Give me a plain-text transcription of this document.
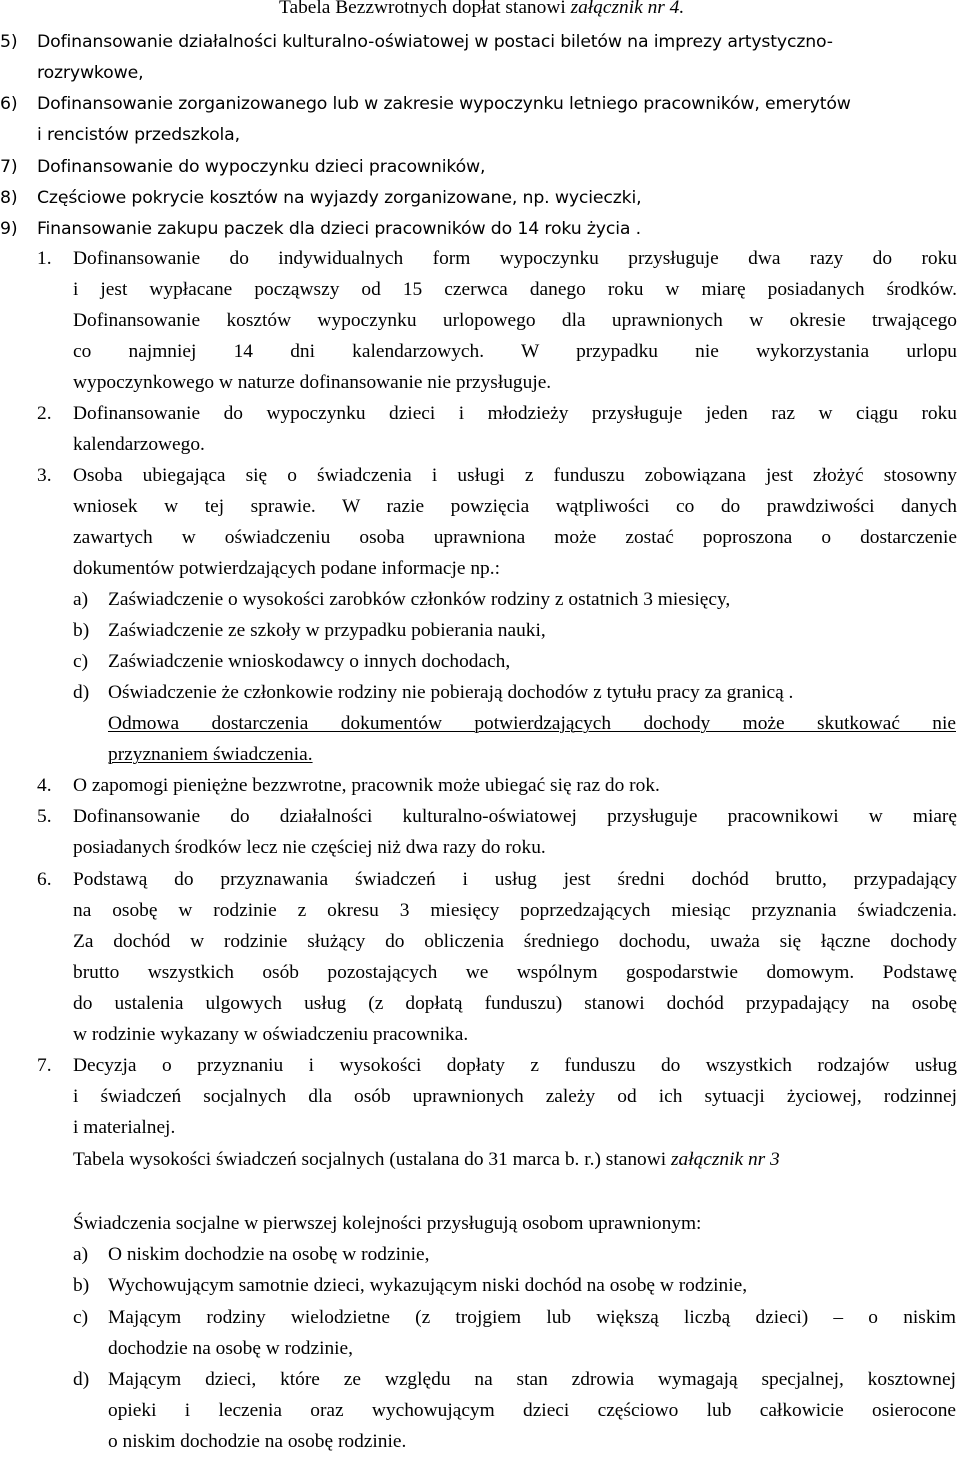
Tabela Bezzwrotnych dopłat stanowi załącznik nr 4.
5) Dofinansowanie działalności kulturalno-oświatowej w postaci biletów na imprezy artystyczno-
rozrywkowe,
6) Dofinansowanie zorganizowanego lub w zakresie wypoczynku letniego pracowników, emerytów
i rencistów przedszkola,
7) Dofinansowanie do wypoczynku dzieci pracowników,
8) Częściowe pokrycie kosztów na wyjazdy zorganizowane, np. wycieczki,
9) Finansowanie zakupu paczek dla dzieci pracowników do 14 roku życia .
1. Dofinansowanie do indywidualnych form wypoczynku przysługuje dwa razy do roku
i jest wypłacane począwszy od 15 czerwca danego roku w miarę posiadanych środków.
Dofinansowanie kosztów wypoczynku urlopowego dla uprawnionych w okresie trwającego
co najmniej 14 dni kalendarzowych. W przypadku nie wykorzystania urlopu
wypoczynkowego w naturze dofinansowanie nie przysługuje.
2. Dofinansowanie do wypoczynku dzieci i młodzieży przysługuje jeden raz w ciągu roku
kalendarzowego.
3. Osoba ubiegająca się o świadczenia i usługi z funduszu zobowiązana jest złożyć stosowny
wniosek w tej sprawie. W razie powzięcia wątpliwości co do prawdziwości danych
zawartych w oświadczeniu osoba uprawniona może zostać poproszona o dostarczenie
dokumentów potwierdzających podane informacje np.:
a) Zaświadczenie o wysokości zarobków członków rodziny z ostatnich 3 miesięcy,
b) Zaświadczenie ze szkoły w przypadku pobierania nauki,
c) Zaświadczenie wnioskodawcy o innych dochodach,
d) Oświadczenie że członkowie rodziny nie pobierają dochodów z tytułu pracy za granicą .
Odmowa dostarczenia dokumentów potwierdzających dochody może skutkować nie
przyznaniem świadczenia.
4. O zapomogi pieniężne bezzwrotne, pracownik może ubiegać się raz do rok.
5. Dofinansowanie do działalności kulturalno-oświatowej przysługuje pracownikowi w miarę
posiadanych środków lecz nie częściej niż dwa razy do roku.
6. Podstawą do przyznawania świadczeń i usług jest średni dochód brutto, przypadający
na osobę w rodzinie z okresu 3 miesięcy poprzedzających miesiąc przyznania świadczenia.
Za dochód w rodzinie służący do obliczenia średniego dochodu, uważa się łączne dochody
brutto wszystkich osób pozostających we wspólnym gospodarstwie domowym. Podstawę
do ustalenia ulgowych usług (z dopłatą funduszu) stanowi dochód przypadający na osobę
w rodzinie wykazany w oświadczeniu pracownika.
7. Decyzja o przyznaniu i wysokości dopłaty z funduszu do wszystkich rodzajów usług
i świadczeń socjalnych dla osób uprawnionych zależy od ich sytuacji życiowej, rodzinnej
i materialnej.
Tabela wysokości świadczeń socjalnych (ustalana do 31 marca b. r.) stanowi załącznik nr 3
Świadczenia socjalne w pierwszej kolejności przysługują osobom uprawnionym:
a) O niskim dochodzie na osobę w rodzinie,
b) Wychowującym samotnie dzieci, wykazującym niski dochód na osobę w rodzinie,
c) Mającym rodziny wielodzietne (z trojgiem lub większą liczbą dzieci) – o niskim
dochodzie na osobę w rodzinie,
d) Mającym dzieci, które ze względu na stan zdrowia wymagają specjalnej, kosztownej
opieki i leczenia oraz wychowującym dzieci częściowo lub całkowicie osierocone
o niskim dochodzie na osobę rodzinie.
